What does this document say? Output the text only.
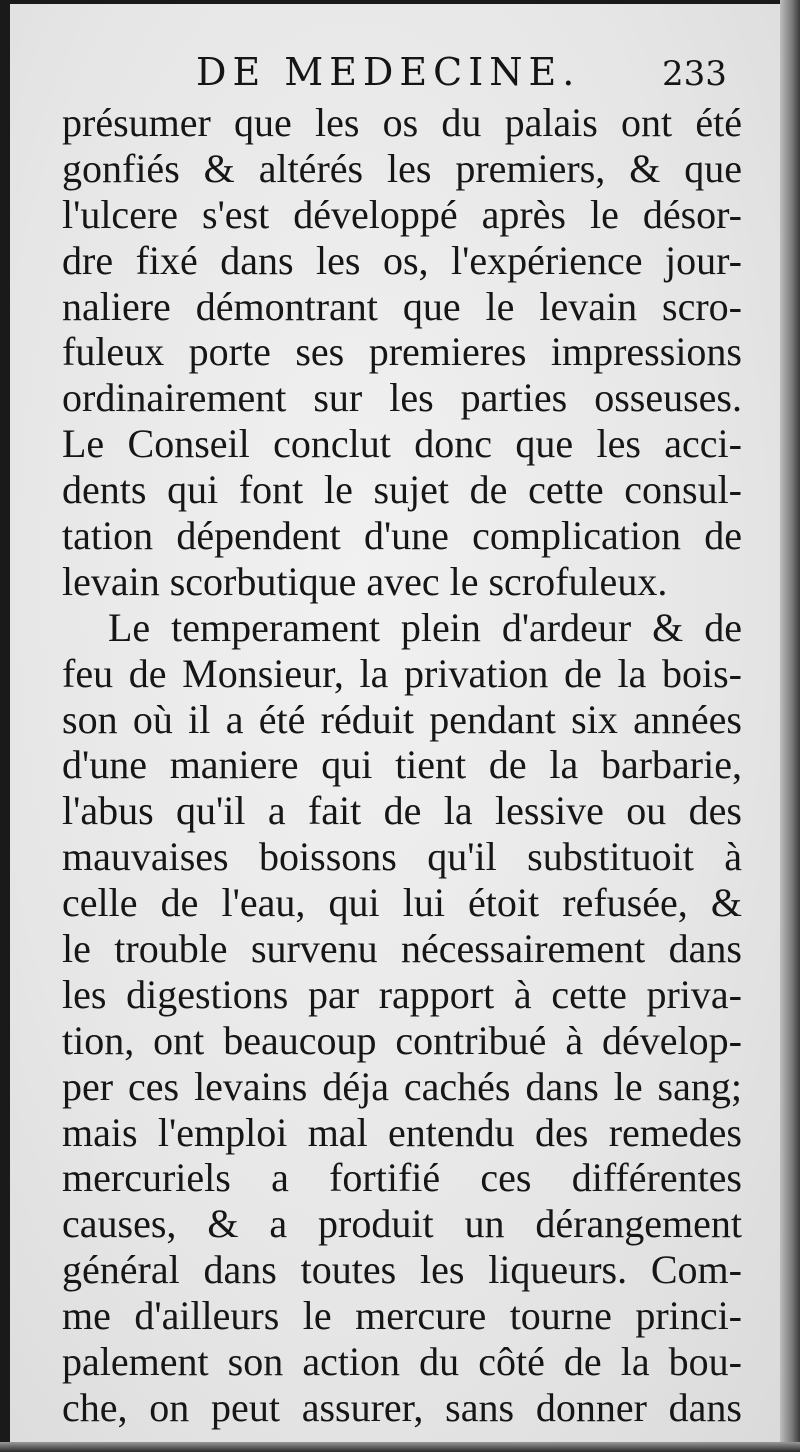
DE MEDECINE. 233
présumer que les os du palais ont été
gonfiés & altérés les premiers, & que
l'ulcere s'est développé après le désor-
dre fixé dans les os, l'expérience jour-
naliere démontrant que le levain scro-
fuleux porte ses premieres impressions
ordinairement sur les parties osseuses.
Le Conseil conclut donc que les acci-
dents qui font le sujet de cette consul-
tation dépendent d'une complication de
levain scorbutique avec le scrofuleux.
Le temperament plein d'ardeur & de
feu de Monsieur, la privation de la bois-
son où il a été réduit pendant six années
d'une maniere qui tient de la barbarie,
l'abus qu'il a fait de la lessive ou des
mauvaises boissons qu'il substituoit à
celle de l'eau, qui lui étoit refusée, &
le trouble survenu nécessairement dans
les digestions par rapport à cette priva-
tion, ont beaucoup contribué à dévelop-
per ces levains déja cachés dans le sang;
mais l'emploi mal entendu des remedes
mercuriels a fortifié ces différentes
causes, & a produit un dérangement
général dans toutes les liqueurs. Com-
me d'ailleurs le mercure tourne princi-
palement son action du côté de la bou-
che, on peut assurer, sans donner dans
